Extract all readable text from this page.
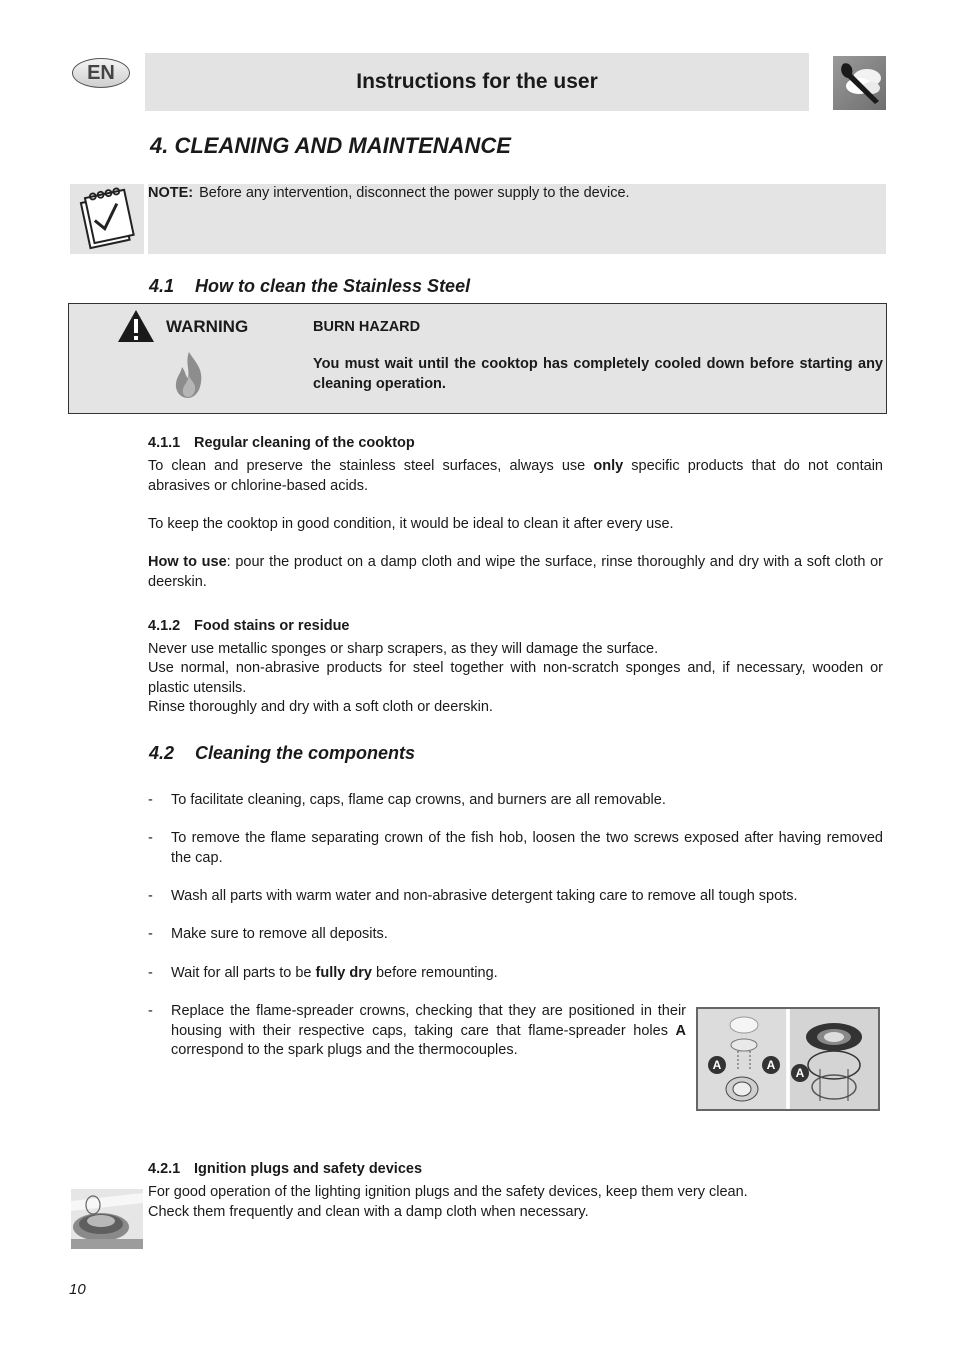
EN	Instructions for the user
4. CLEANING AND MAINTENANCE
NOTE: Before any intervention, disconnect the power supply to the device.
4.1 How to clean the Stainless Steel
WARNING	BURN HAZARD
You must wait until the cooktop has completely cooled down before starting any cleaning operation.
4.1.1 Regular cleaning of the cooktop
To clean and preserve the stainless steel surfaces, always use only specific products that do not contain abrasives or chlorine-based acids.
To keep the cooktop in good condition, it would be ideal to clean it after every use.
How to use: pour the product on a damp cloth and wipe the surface, rinse thoroughly and dry with a soft cloth or deerskin.
4.1.2 Food stains or residue
Never use metallic sponges or sharp scrapers, as they will damage the surface.
Use normal, non-abrasive products for steel together with non-scratch sponges and, if necessary, wooden or plastic utensils.
Rinse thoroughly and dry with a soft cloth or deerskin.
4.2 Cleaning the components
- To facilitate cleaning, caps, flame cap crowns, and burners are all removable.
- To remove the flame separating crown of the fish hob, loosen the two screws exposed after having removed the cap.
- Wash all parts with warm water and non-abrasive detergent taking care to remove all tough spots.
- Make sure to remove all deposits.
- Wait for all parts to be fully dry before remounting.
- Replace the flame-spreader crowns, checking that they are positioned in their housing with their respective caps, taking care that flame-spreader holes A correspond to the spark plugs and the thermocouples.
A	A
A
4.2.1 Ignition plugs and safety devices
For good operation of the lighting ignition plugs and the safety devices, keep them very clean.
Check them frequently and clean with a damp cloth when necessary.
10
